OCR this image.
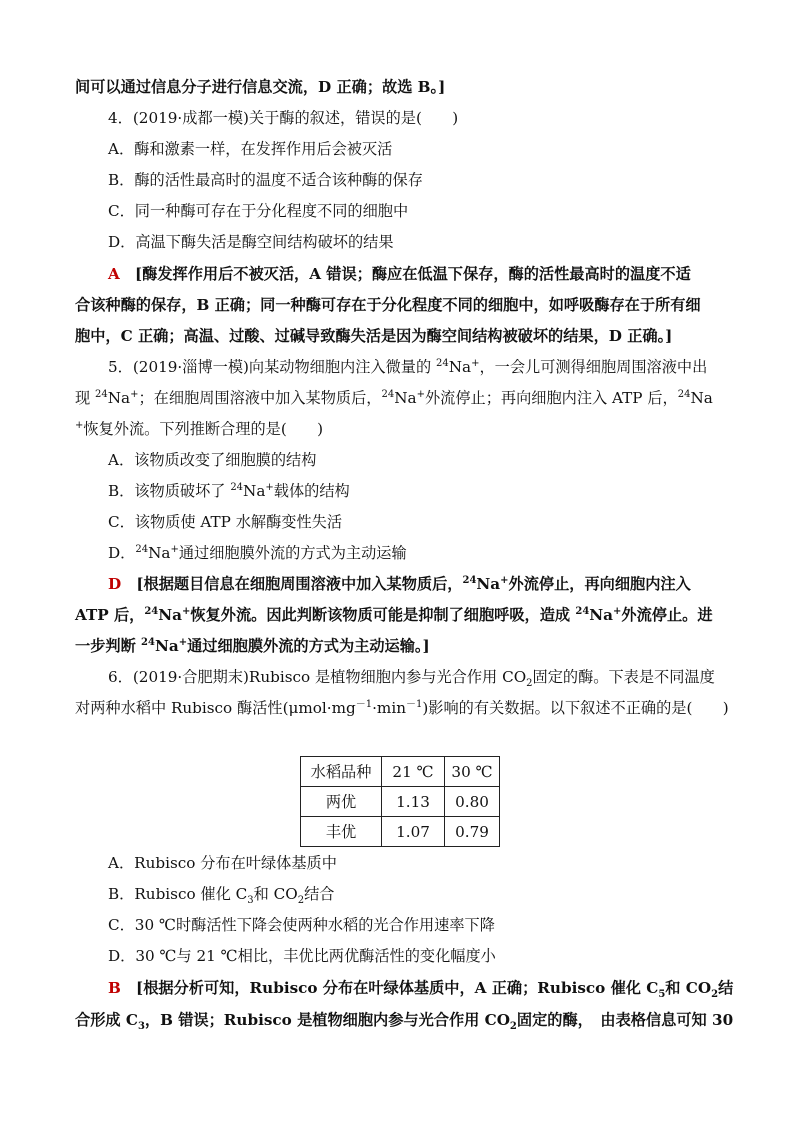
间可以通过信息分子进行信息交流，D 正确；故选 B。]
4．(2019·成都一模)关于酶的叙述，错误的是(　　)
A．酶和激素一样，在发挥作用后会被灭活
B．酶的活性最高时的温度不适合该种酶的保存
C．同一种酶可存在于分化程度不同的细胞中
D．高温下酶失活是酶空间结构破坏的结果
A   [酶发挥作用后不被灭活，A 错误；酶应在低温下保存，酶的活性最高时的温度不适
合该种酶的保存，B 正确；同一种酶可存在于分化程度不同的细胞中，如呼吸酶存在于所有细
胞中，C 正确；高温、过酸、过碱导致酶失活是因为酶空间结构被破坏的结果，D 正确。]
5．(2019·淄博一模)向某动物细胞内注入微量的 $^{24}$Na+，一会儿可测得细胞周围溶液中出
现 $^{24}$Na+；在细胞周围溶液中加入某物质后，$^{24}$Na+外流停止；再向细胞内注入 ATP 后，$^{24}$Na
+恢复外流。下列推断合理的是(　　)
A．该物质改变了细胞膜的结构
B．该物质破坏了 $^{24}$Na+载体的结构
C．该物质使 ATP 水解酶变性失活
D．$^{24}$Na+通过细胞膜外流的方式为主动运输
D   [根据题目信息在细胞周围溶液中加入某物质后，$^{24}$Na+外流停止，再向细胞内注入
ATP 后，$^{24}$Na+恢复外流。因此判断该物质可能是抑制了细胞呼吸，造成 $^{24}$Na+外流停止。进
一步判断 $^{24}$Na+通过细胞膜外流的方式为主动运输。]
6．(2019·合肥期末)Rubisco 是植物细胞内参与光合作用 $CO_2$固定的酶。下表是不同温度
对两种水稻中 Rubisco 酶活性$(\mu mol\cdot mg^{-1}\cdot\min^{-1})$影响的有关数据。以下叙述不正确的是(　　)
水稻品种	21 ℃	30 ℃
两优	1.13	0.80
丰优	1.07	0.79
A．Rubisco 分布在叶绿体基质中
B．Rubisco 催化 $C_3$和 $CO_2$结合
C．30 ℃时酶活性下降会使两种水稻的光合作用速率下降
D．30 ℃与 21 ℃相比，丰优比两优酶活性的变化幅度小
B   [根据分析可知，Rubisco 分布在叶绿体基质中，A 正确；Rubisco 催化 $C_5$和 $CO_2$结
合形成 $C_3$，B 错误；Rubisco 是植物细胞内参与光合作用 $CO_2$固定的酶，　由表格信息可知 30
